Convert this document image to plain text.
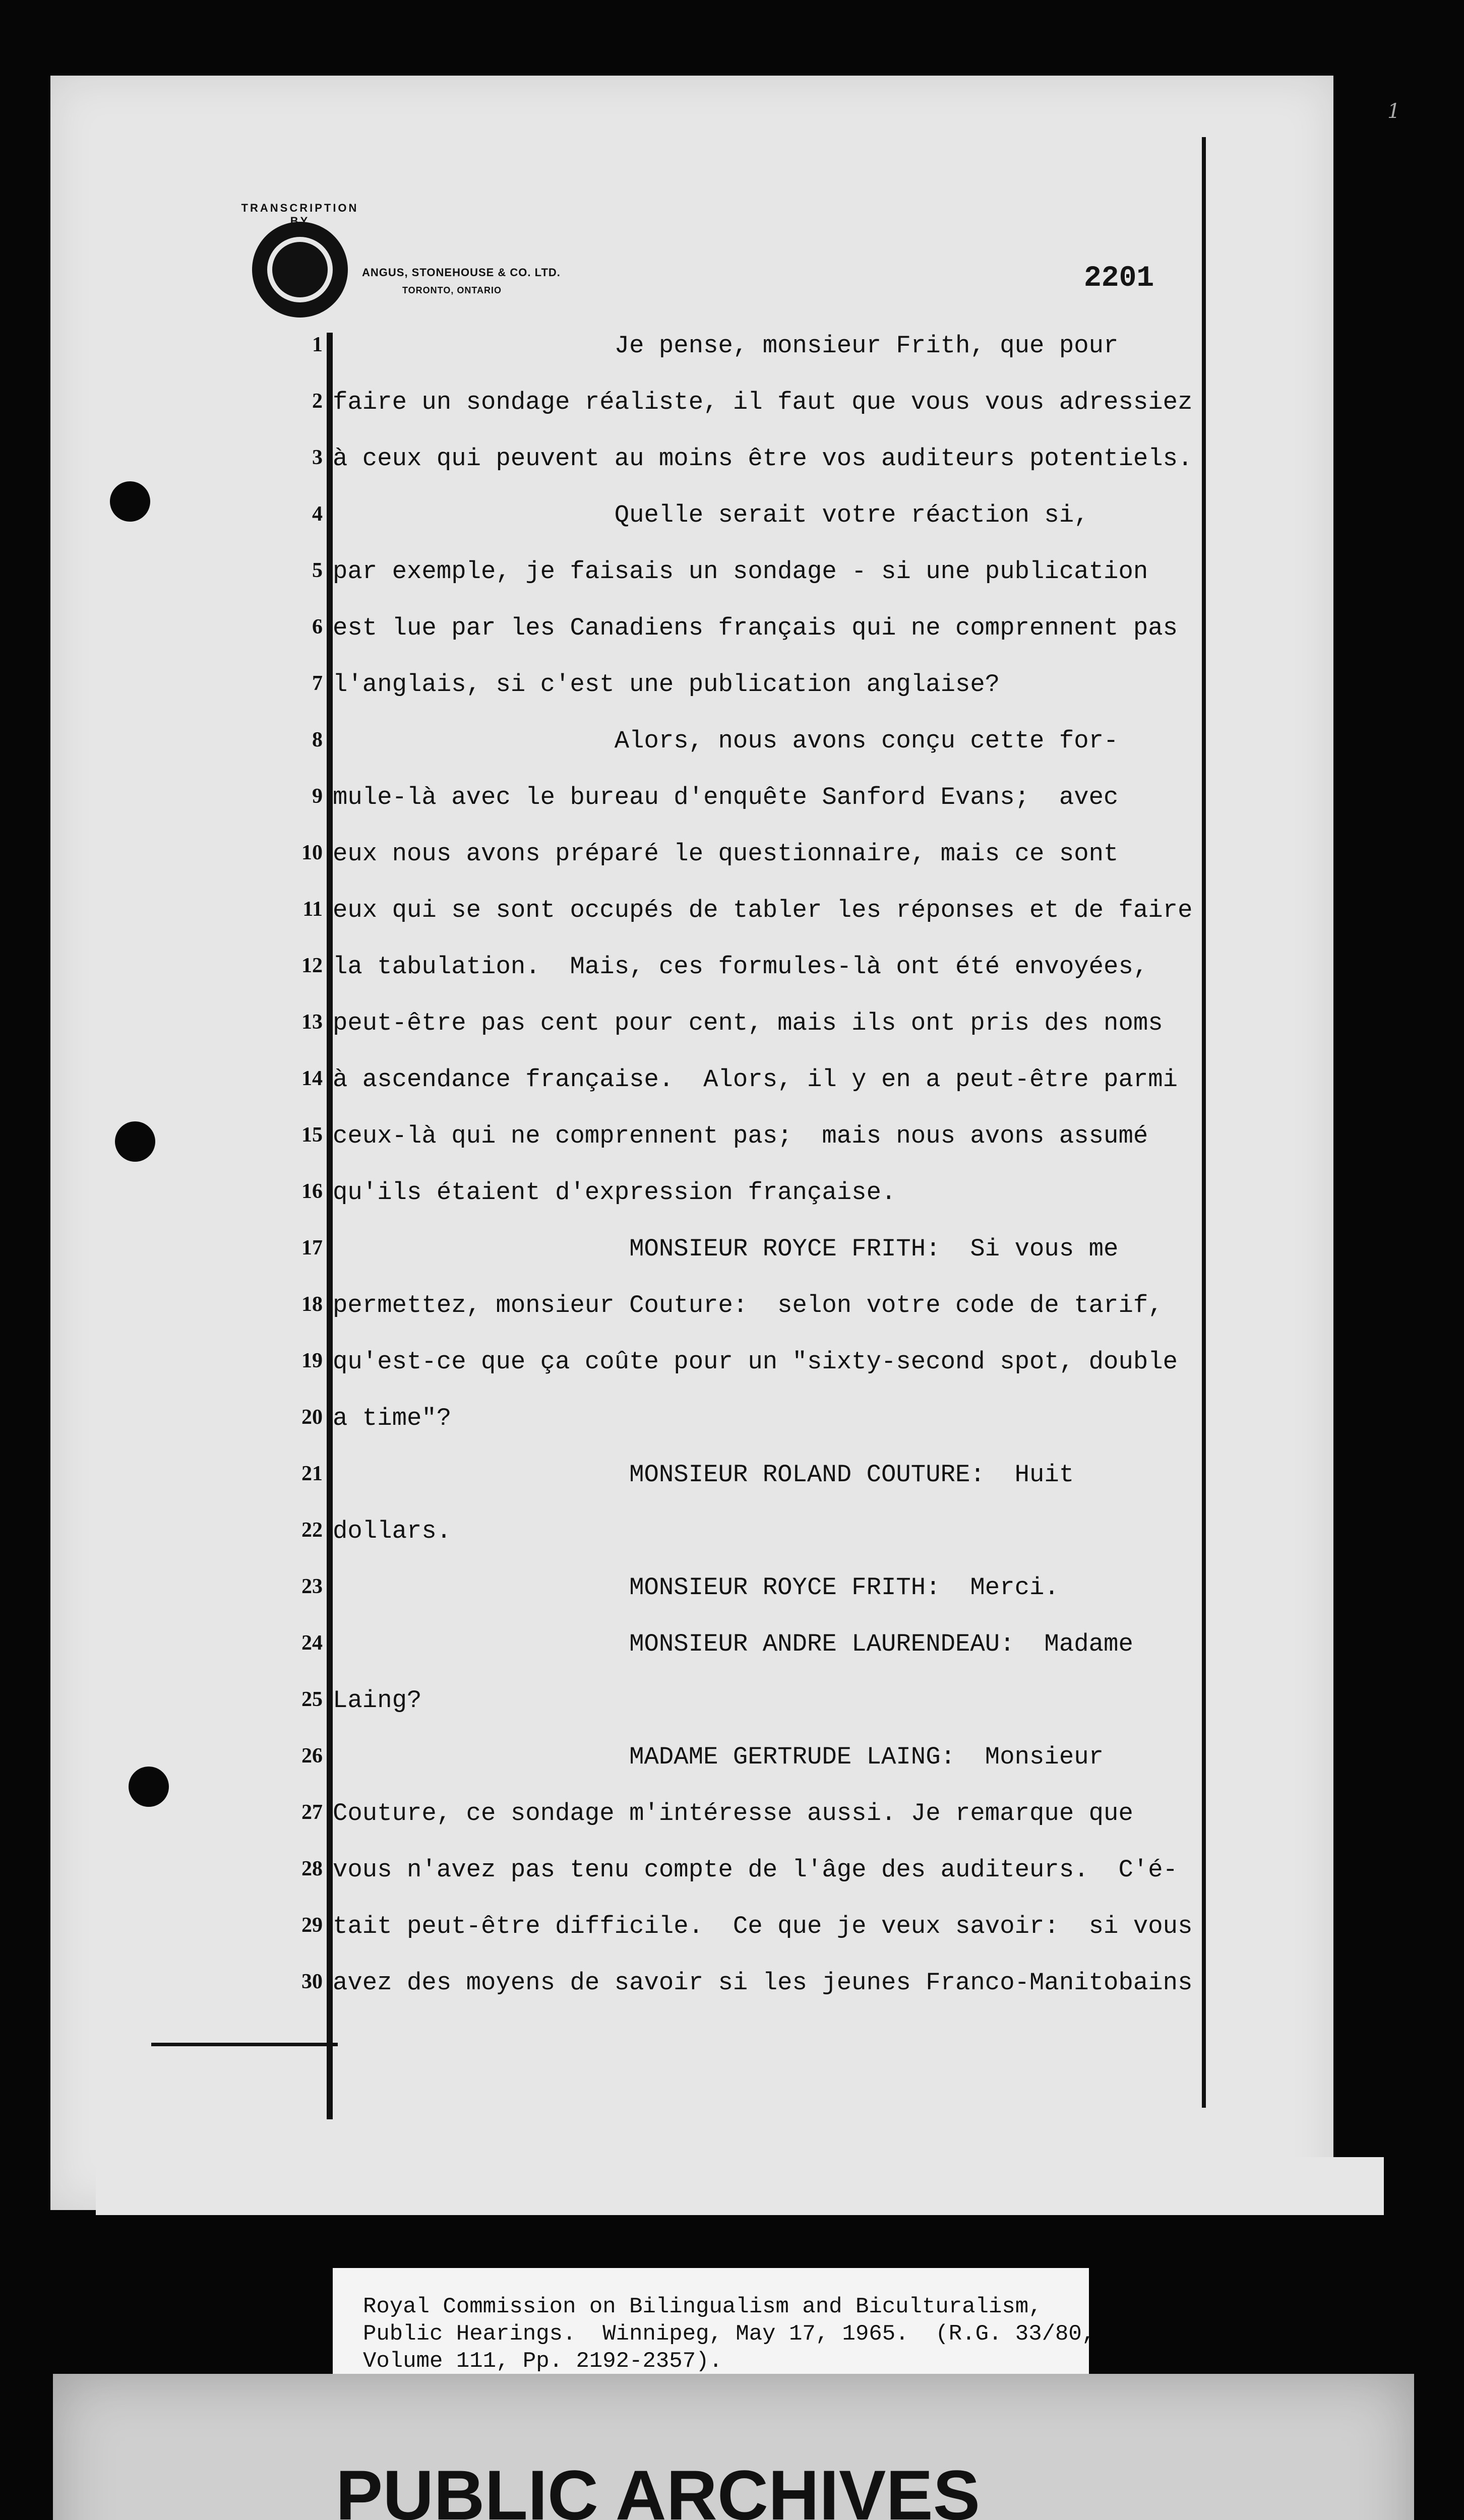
1
TRANSCRIPTION BY
ANGUS, STONEHOUSE & CO. LTD.
TORONTO, ONTARIO	2201
1
2
3
4
5
6
7
8
9
10
11
12
13
14
15
16
17
18
19
20
21
22
23
24
25
26
27
28
29
30
Je pense, monsieur Frith, que pour
faire un sondage réaliste, il faut que vous vous adressiez
à ceux qui peuvent au moins être vos auditeurs potentiels.
Quelle serait votre réaction si,
par exemple, je faisais un sondage - si une publication
est lue par les Canadiens français qui ne comprennent pas
l'anglais, si c'est une publication anglaise?
Alors, nous avons conçu cette for-
mule-là avec le bureau d'enquête Sanford Evans;  avec
eux nous avons préparé le questionnaire, mais ce sont
eux qui se sont occupés de tabler les réponses et de faire
la tabulation.  Mais, ces formules-là ont été envoyées,
peut-être pas cent pour cent, mais ils ont pris des noms
à ascendance française.  Alors, il y en a peut-être parmi
ceux-là qui ne comprennent pas;  mais nous avons assumé
qu'ils étaient d'expression française.
MONSIEUR ROYCE FRITH:  Si vous me
permettez, monsieur Couture:  selon votre code de tarif,
qu'est-ce que ça coûte pour un "sixty-second spot, double
a time"?
MONSIEUR ROLAND COUTURE:  Huit
dollars.
MONSIEUR ROYCE FRITH:  Merci.
MONSIEUR ANDRE LAURENDEAU:  Madame
Laing?
MADAME GERTRUDE LAING:  Monsieur
Couture, ce sondage m'intéresse aussi. Je remarque que
vous n'avez pas tenu compte de l'âge des auditeurs.  C'é-
tait peut-être difficile.  Ce que je veux savoir:  si vous
avez des moyens de savoir si les jeunes Franco-Manitobains
Royal Commission on Bilingualism and Biculturalism,
Public Hearings.  Winnipeg, May 17, 1965.  (R.G. 33/80,
Volume 111, Pp. 2192-2357).
PUBLIC ARCHIVES
